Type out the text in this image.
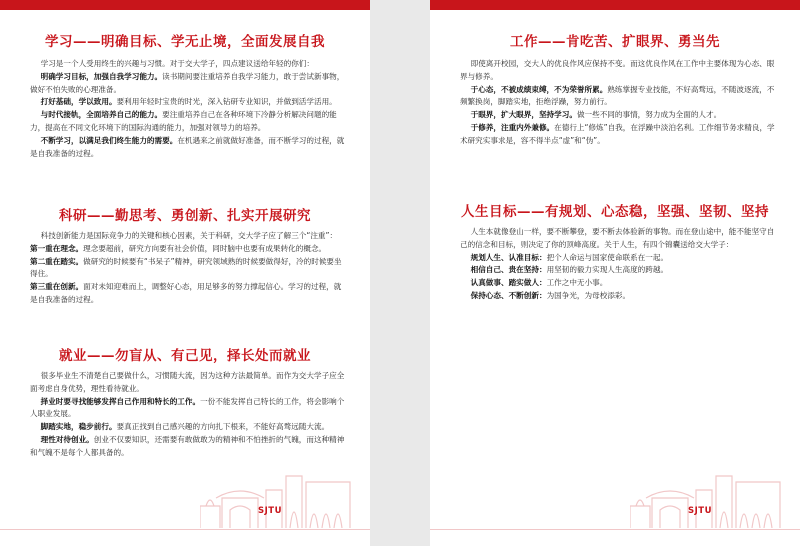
学习——明确目标、学无止境，全面发展自我

学习是一个人受用终生的兴趣与习惯。对于交大学子，四点建议送给年轻的你们：

明确学习目标，加强自我学习能力。读书期间要注重培养自我学习能力，敢于尝试新事物，做好不怕失败的心理准备。

打好基础，学以致用。要利用年轻时宝贵的时光，深入钻研专业知识，并做到活学活用。

与时代接轨，全面培养自己的能力。要注重培养自己在各种环境下冷静分析解决问题的能力，提高在不同文化环境下的国际沟通的能力，加强对领导力的培养。

不断学习，以满足我们终生能力的需要。在机遇来之前就做好准备，而不断学习的过程，就是自我准备的过程。

科研——勤思考、勇创新、扎实开展研究

科技创新能力是国际竞争力的关键和核心因素，关于科研，交大学子应了解三个“注重”：

第一重在理念。理念要超前，研究方向要有社会价值，同时脑中也要有成果转化的概念。

第二重在踏实。做研究的时候要有“书呆子”精神，研究领域熟的时候要做得好，冷的时候要坐得住。

第三重在创新。面对未知迎难而上，调整好心态，用足够多的努力撑起信心。学习的过程，就是自我准备的过程。

就业——勿盲从、有己见，择长处而就业

很多毕业生不清楚自己要做什么，习惯随大流，因为这种方法最简单。而作为交大学子应全面考虑自身优势，理性看待就业。

择业时要寻找能够发挥自己作用和特长的工作。一份不能发挥自己特长的工作，将会影响个人职业发展。

脚踏实地，稳步前行。要真正找到自己感兴趣的方向扎下根来，不能好高骛远随大流。

理性对待创业。创业不仅要知识，还需要有敢做敢为的精神和不怕挫折的气魄，而这种精神和气魄不是每个人都具备的。

SJTU
工作——肯吃苦、扩眼界、勇当先

即使离开校园，交大人的优良作风应保持不变。而这优良作风在工作中主要体现为心态、眼界与修养。

于心态，不被成绩束缚，不为荣誉所累。熟练掌握专业技能，不好高骛远，不随波逐流，不频繁换岗，脚踏实地，拒绝浮躁，努力前行。

于眼界，扩大眼界，坚持学习。做一些不同的事情，努力成为全面的人才。

于修养，注重内外兼修。在德行上“修炼”自我，在浮躁中淡泊名利。工作细节务求精良，学术研究实事求是，容不得半点“虚”和“伪”。

人生目标——有规划、心态稳，坚强、坚韧、坚持

人生本就像登山一样，要不断攀登，要不断去体验新的事物。而在登山途中，能不能坚守自己的信念和目标，则决定了你的顶峰高度。关于人生，有四个锦囊送给交大学子：

规划人生、认准目标：把个人命运与国家使命联系在一起。

相信自己、贵在坚持：用坚韧的毅力实现人生高度的跨越。

认真做事、踏实做人：工作之中无小事。

保持心态、不断创新：为国争光，为母校添彩。

SJTU
